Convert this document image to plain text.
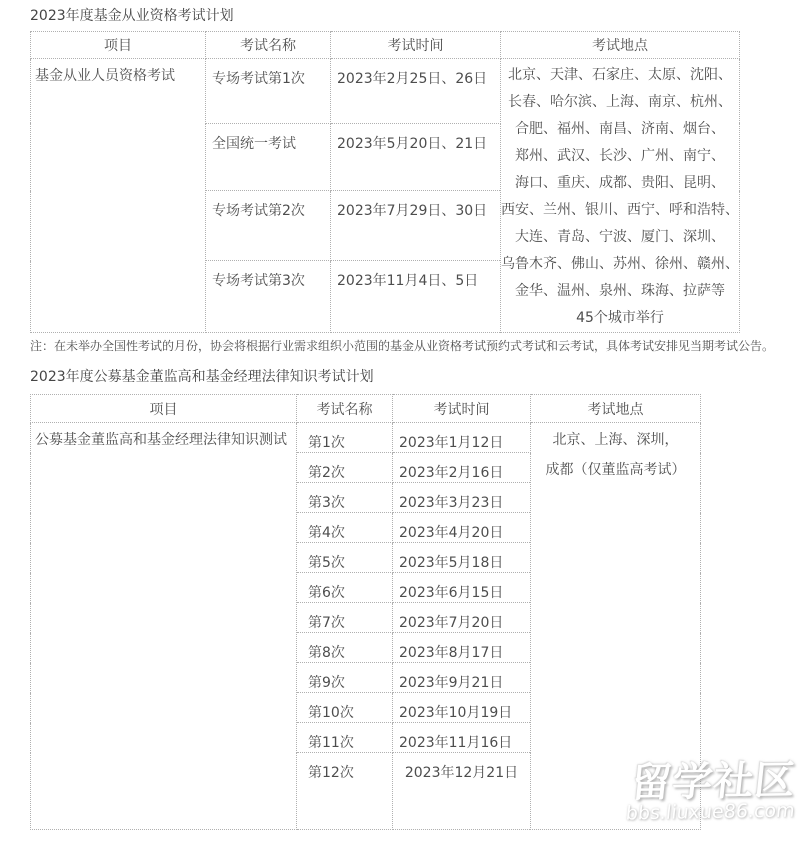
2023年度基金从业资格考试计划
项目	考试名称	考试时间	考试地点
基金从业人员资格考试	专场考试第1次	2023年2月25日、26日	北京、天津、石家庄、太原、沈阳、
长春、哈尔滨、上海、南京、杭州、
合肥、福州、南昌、济南、烟台、
郑州、武汉、长沙、广州、南宁、
海口、重庆、成都、贵阳、昆明、
西安、兰州、银川、西宁、呼和浩特、
大连、青岛、宁波、厦门、深圳、
乌鲁木齐、佛山、苏州、徐州、赣州、
金华、温州、泉州、珠海、拉萨等
45个城市举行

	全国统一考试	2023年5月20日、21日	
	专场考试第2次	2023年7月29日、30日	
	专场考试第3次	2023年11月4日、5日	
注：在未举办全国性考试的月份，协会将根据行业需求组织小范围的基金从业资格考试预约式考试和云考试，具体考试安排见当期考试公告。
2023年度公募基金董监高和基金经理法律知识考试计划
项目	考试名称	考试时间	考试地点
公募基金董监高和基金经理法律知识测试	第1次	2023年1月12日	北京、上海、深圳，
成都（仅董监高考试）

	第2次	2023年2月16日	
	第3次	2023年3月23日	
	第4次	2023年4月20日	
	第5次	2023年5月18日	
	第6次	2023年6月15日	
	第7次	2023年7月20日	
	第8次	2023年8月17日	
	第9次	2023年9月21日	
	第10次	2023年10月19日	
	第11次	2023年11月16日	
	第12次	2023年12月21日		留学社区
bbs.liuxue86.com
